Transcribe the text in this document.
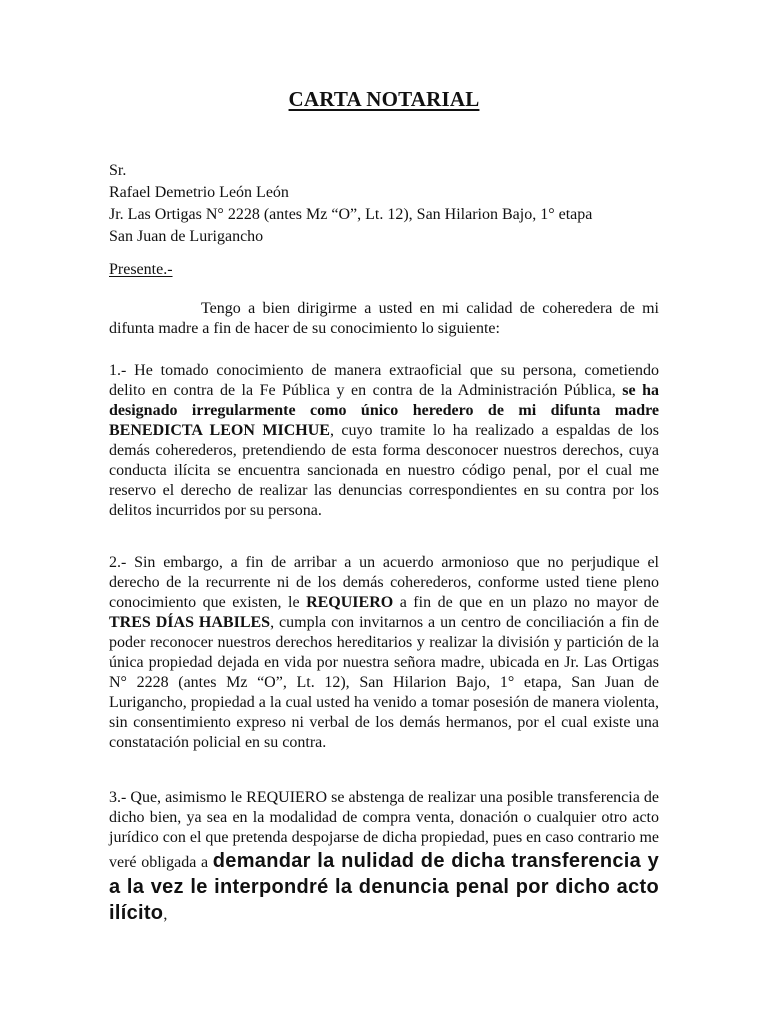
CARTA NOTARIAL
Sr.
Rafael Demetrio León León
Jr. Las Ortigas N° 2228 (antes Mz “O”, Lt. 12), San Hilarion Bajo, 1° etapa
San Juan de Lurigancho
Presente.-
Tengo a bien dirigirme a usted en mi calidad de coheredera de mi difunta madre a fin de hacer de su conocimiento lo siguiente:
1.- He tomado conocimiento de manera extraoficial que su persona, cometiendo delito en contra de la Fe Pública y en contra de la Administración Pública, se ha designado irregularmente como único heredero de mi difunta madre BENEDICTA LEON MICHUE, cuyo tramite lo ha realizado a espaldas de los demás coherederos, pretendiendo de esta forma desconocer nuestros derechos, cuya conducta ilícita se encuentra sancionada en nuestro código penal, por el cual me reservo el derecho de realizar las denuncias correspondientes en su contra por los delitos incurridos por su persona.
2.- Sin embargo, a fin de arribar a un acuerdo armonioso que no perjudique el derecho de la recurrente ni de los demás coherederos, conforme usted tiene pleno conocimiento que existen, le REQUIERO a fin de que en un plazo no mayor de TRES DÍAS HABILES, cumpla con invitarnos a un centro de conciliación a fin de poder reconocer nuestros derechos hereditarios y realizar la división y partición de la única propiedad dejada en vida por nuestra señora madre, ubicada en Jr. Las Ortigas N° 2228 (antes Mz “O”, Lt. 12), San Hilarion Bajo, 1° etapa, San Juan de Lurigancho, propiedad a la cual usted ha venido a tomar posesión de manera violenta, sin consentimiento expreso ni verbal de los demás hermanos, por el cual existe una constatación policial en su contra.
3.- Que, asimismo le REQUIERO se abstenga de realizar una posible transferencia de dicho bien, ya sea en la modalidad de compra venta, donación o cualquier otro acto jurídico con el que pretenda despojarse de dicha propiedad, pues en caso contrario me veré obligada a demandar la nulidad de dicha transferencia y a la vez le interpondré la denuncia penal por dicho acto ilícito,
